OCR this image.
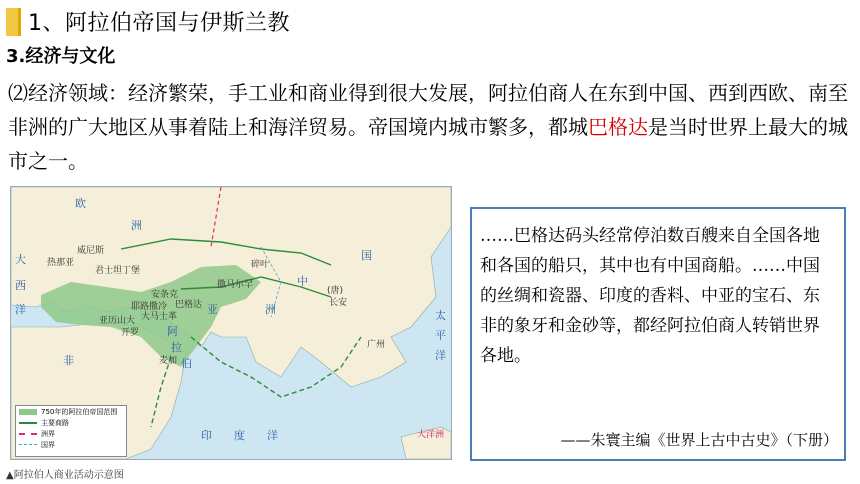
1、阿拉伯帝国与伊斯兰教
3.经济与文化
⑵经济领域：经济繁荣，手工业和商业得到很大发展，阿拉伯商人在东到中国、西到西欧、南至非洲的广大地区从事着陆上和海洋贸易。帝国境内城市繁多，都城巴格达是当时世界上最大的城市之一。
欧
洲
亚	洲
非
中
国
(唐)
长安
广州
碎叶
威尼斯
热那亚
君士坦丁堡
巴格达
大马士革
亚历山大
开罗
麦加
阿
拉
伯
大
西
洋	太
平
洋
印　　度　　洋	大洋洲
安条克
撒马尔罕
耶路撒冷
750年的阿拉伯帝国范围
主要商路
洲界
国界
▲阿拉伯人商业活动示意图
……巴格达码头经常停泊数百艘来自全国各地和各国的船只，其中也有中国商船。……中国的丝绸和瓷器、印度的香料、中亚的宝石、东非的象牙和金砂等，都经阿拉伯商人转销世界各地。
——朱寰主编《世界上古中古史》（下册）
